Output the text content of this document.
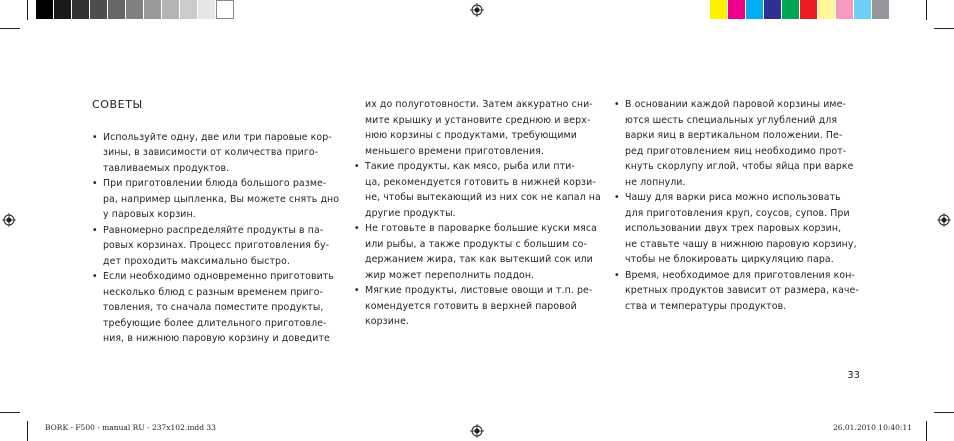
СОВЕТЫ
• Используйте одну, две или три паровые кор-
зины, в зависимости от количества приго-
тавливаемых продуктов.
• При приготовлении блюда большого разме-
ра, например цыпленка, Вы можете снять дно
у паровых корзин.
• Равномерно распределяйте продукты в па-
ровых корзинах. Процесс приготовления бу-
дет проходить максимально быстро.
• Если необходимо одновременно приготовить
несколько блюд с разным временем приго-
товления, то сначала поместите продукты,
требующие более длительного приготовле-
ния, в нижнюю паровую корзину и доведите
их до полуготовности. Затем аккуратно сни-
мите крышку и установите среднюю и верх-
нюю корзины с продуктами, требующими
меньшего времени приготовления.
• Такие продукты, как мясо, рыба или пти-
ца, рекомендуется готовить в нижней корзи-
не, чтобы вытекающий из них сок не капал на
другие продукты.
• Не готовьте в пароварке большие куски мяса
или рыбы, а также продукты с большим со-
держанием жира, так как вытекший сок или
жир может переполнить поддон.
• Мягкие продукты, листовые овощи и т.п. ре-
комендуется готовить в верхней паровой
корзине.
• В основании каждой паровой корзины име-
ются шесть специальных углублений для
варки яиц в вертикальном положении. Пе-
ред приготовлением яиц необходимо прот-
кнуть скорлупу иглой, чтобы яйца при варке
не лопнули.
• Чашу для варки риса можно использовать
для приготовления круп, соусов, супов. При
использовании двух трех паровых корзин,
не ставьте чашу в нижнюю паровую корзину,
чтобы не блокировать циркуляцию пара.
• Время, необходимое для приготовления кон-
кретных продуктов зависит от размера, каче-
ства и температуры продуктов.
33
BORK - F500 - manual RU - 237x102.indd 33	26.01.2010 10:40:11
